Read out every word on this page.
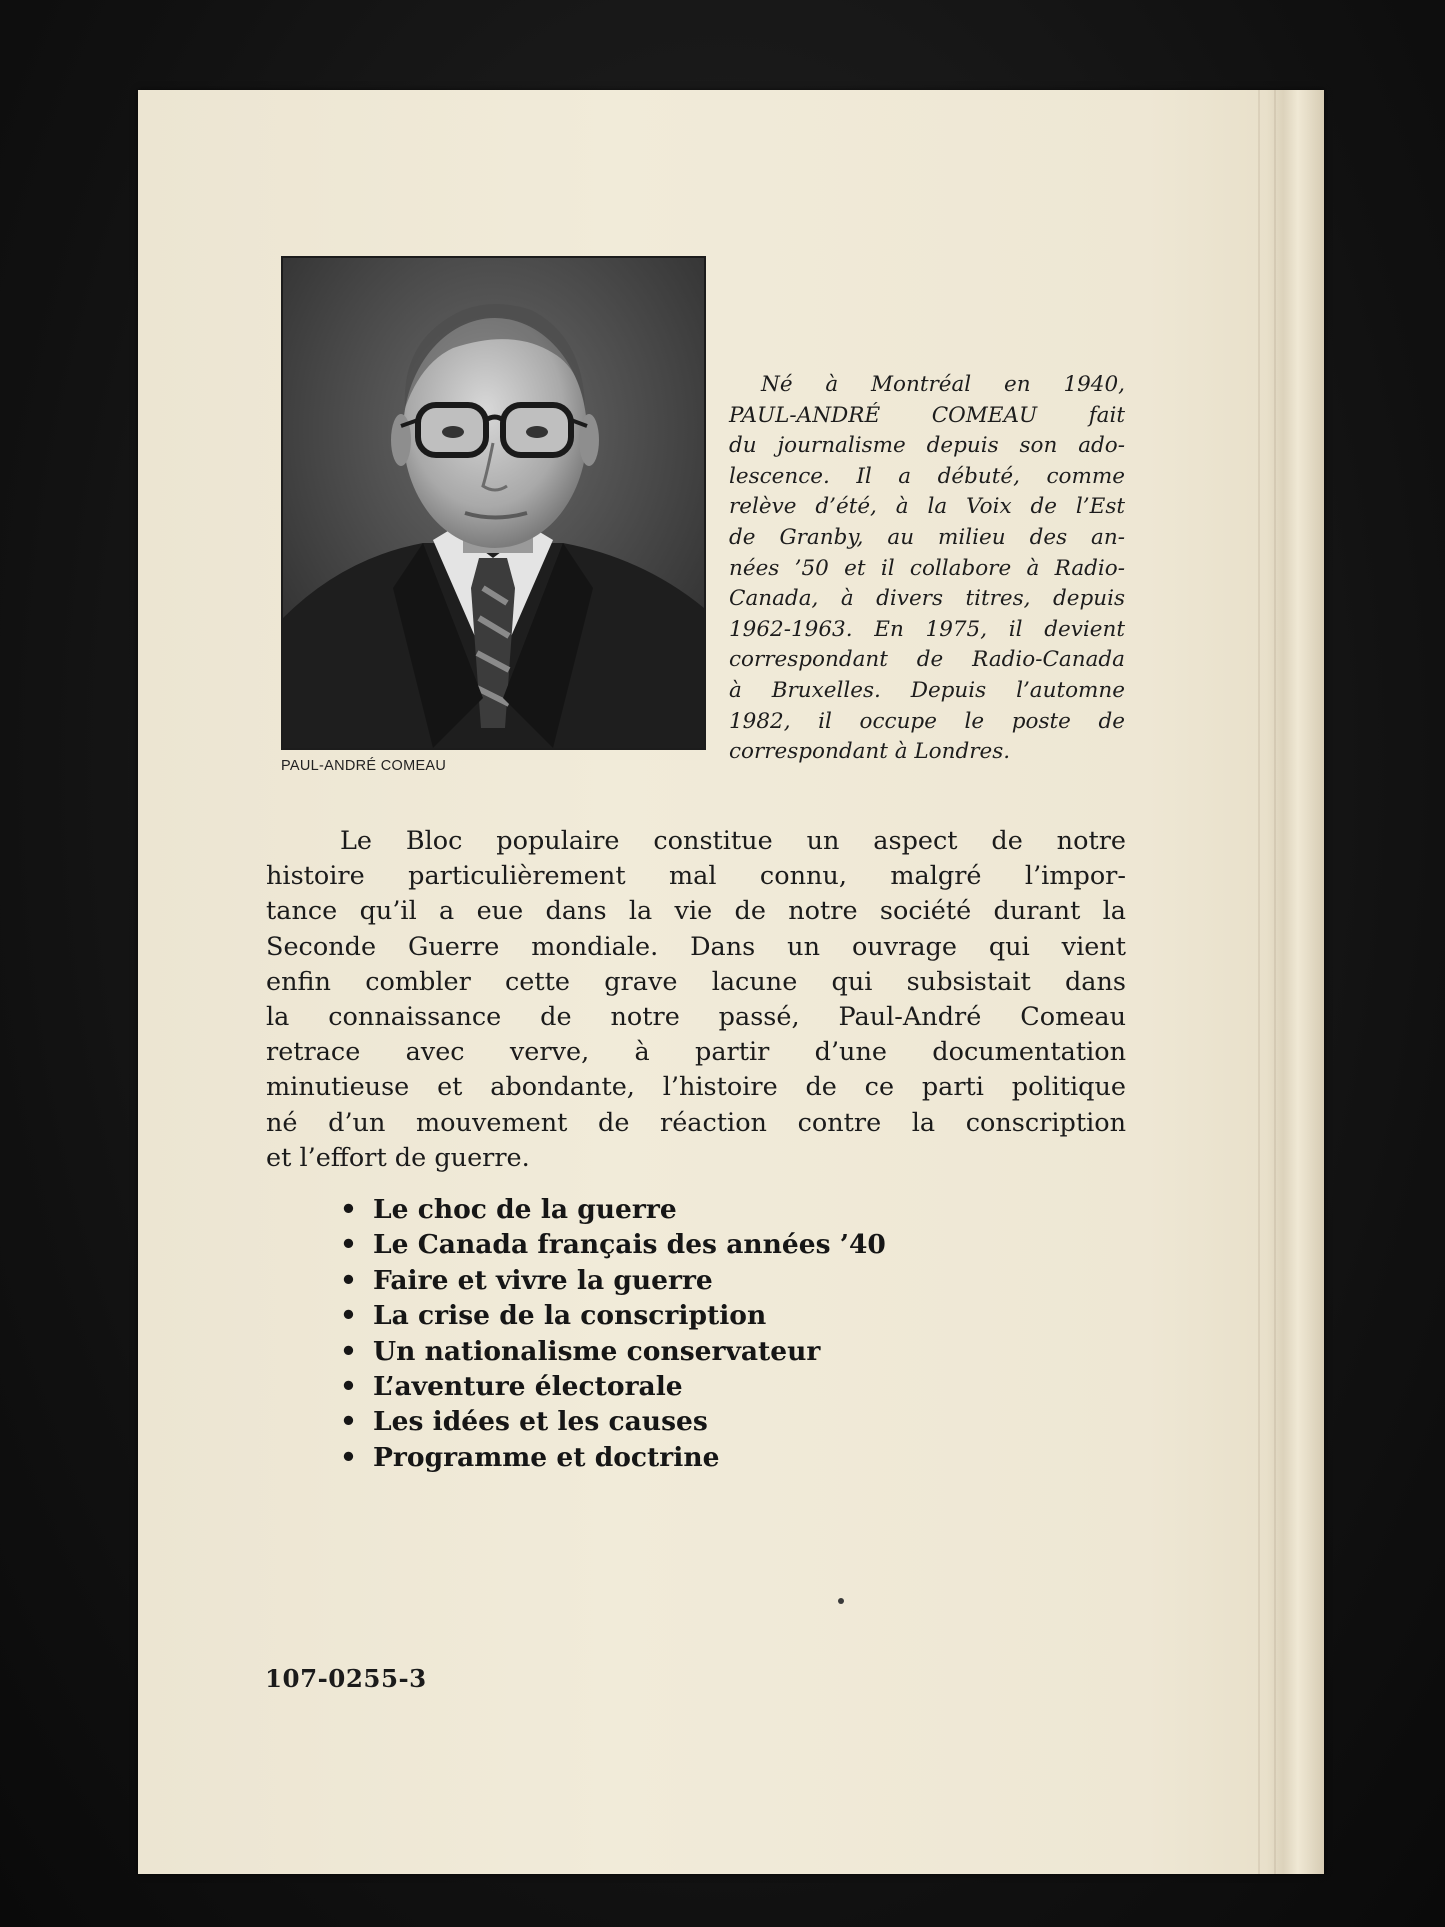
PAUL-ANDRÉ COMEAU
Né à Montréal en 1940,
PAUL-ANDRÉ COMEAU fait
du journalisme depuis son ado-
lescence. Il a débuté, comme
relève d’été, à la Voix de l’Est
de Granby, au milieu des an-
nées ’50 et il collabore à Radio-
Canada, à divers titres, depuis
1962-1963. En 1975, il devient
correspondant de Radio-Canada
à Bruxelles. Depuis l’automne
1982, il occupe le poste de
correspondant à Londres.
Le Bloc populaire constitue un aspect de notre
histoire particulièrement mal connu, malgré l’impor-
tance qu’il a eue dans la vie de notre société durant la
Seconde Guerre mondiale. Dans un ouvrage qui vient
enfin combler cette grave lacune qui subsistait dans
la connaissance de notre passé, Paul-André Comeau
retrace avec verve, à partir d’une documentation
minutieuse et abondante, l’histoire de ce parti politique
né d’un mouvement de réaction contre la conscription
et l’effort de guerre.
• Le choc de la guerre
• Le Canada français des années ’40
• Faire et vivre la guerre
• La crise de la conscription
• Un nationalisme conservateur
• L’aventure électorale
• Les idées et les causes
• Programme et doctrine
107-0255-3
